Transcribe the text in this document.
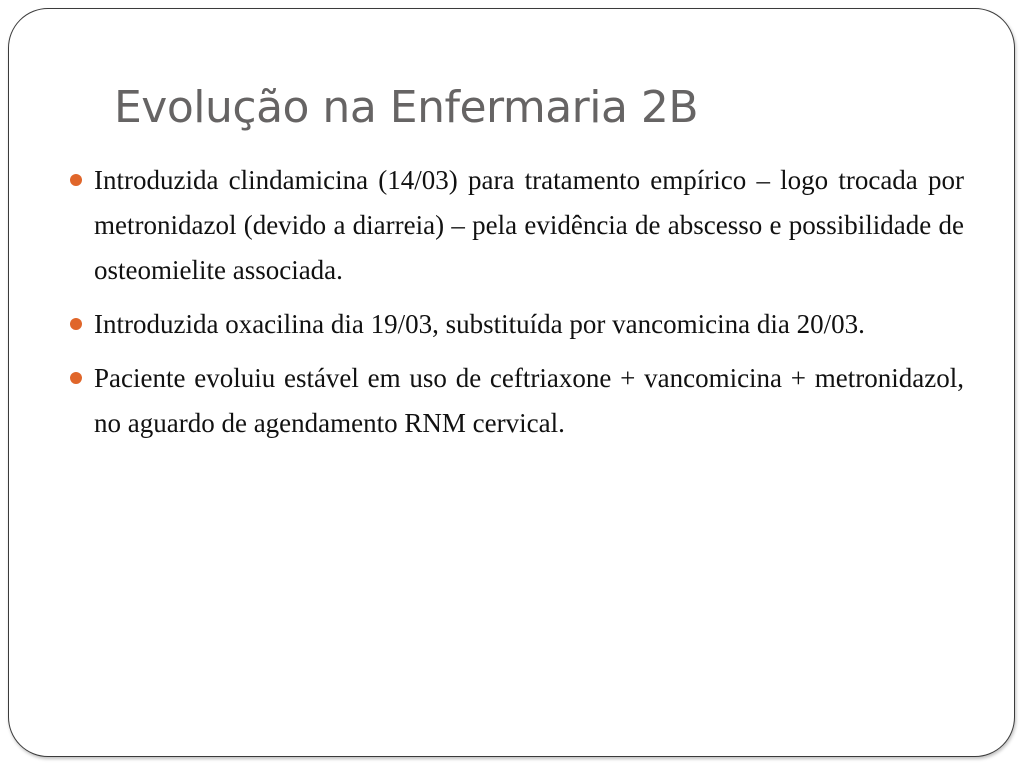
Evolução na Enfermaria 2B
Introduzida clindamicina (14/03) para tratamento empírico – logo trocada por metronidazol (devido a diarreia) – pela evidência de abscesso e possibilidade de osteomielite associada.
Introduzida oxacilina dia 19/03, substituída por vancomicina dia 20/03.
Paciente evoluiu estável em uso de ceftriaxone + vancomicina + metronidazol, no aguardo de agendamento RNM cervical.
